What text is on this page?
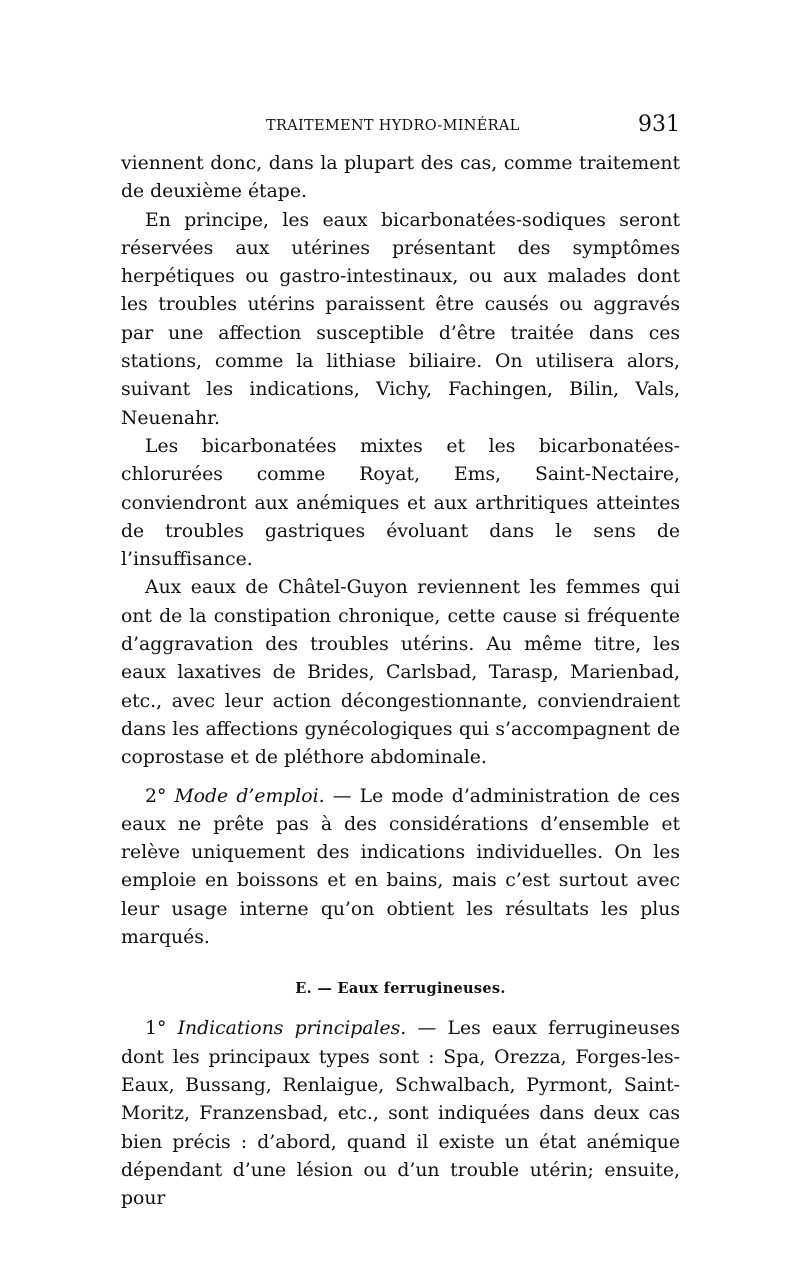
TRAITEMENT HYDRO-MINÉRAL	931

viennent donc, dans la plupart des cas, comme traitement de deuxième étape.

En principe, les eaux bicarbonatées-sodiques seront réservées aux utérines présentant des symptômes herpétiques ou gastro-intestinaux, ou aux malades dont les troubles utérins paraissent être causés ou aggravés par une affection susceptible d’être traitée dans ces stations, comme la lithiase biliaire. On utilisera alors, suivant les indications, Vichy, Fachingen, Bilin, Vals, Neuenahr.

Les bicarbonatées mixtes et les bicarbonatées-chlorurées comme Royat, Ems, Saint-Nectaire, conviendront aux anémiques et aux arthritiques atteintes de troubles gastriques évoluant dans le sens de l’insuffisance.

Aux eaux de Châtel-Guyon reviennent les femmes qui ont de la constipation chronique, cette cause si fréquente d’aggravation des troubles utérins. Au même titre, les eaux laxatives de Brides, Carlsbad, Tarasp, Marienbad, etc., avec leur action décongestionnante, conviendraient dans les affections gynécologiques qui s’accompagnent de coprostase et de pléthore abdominale.

2° Mode d’emploi. — Le mode d’administration de ces eaux ne prête pas à des considérations d’ensemble et relève uniquement des indications individuelles. On les emploie en boissons et en bains, mais c’est surtout avec leur usage interne qu’on obtient les résultats les plus marqués.

E. — Eaux ferrugineuses.

1° Indications principales. — Les eaux ferrugineuses dont les principaux types sont : Spa, Orezza, Forges-les-Eaux, Bussang, Renlaigue, Schwalbach, Pyrmont, Saint-Moritz, Franzensbad, etc., sont indiquées dans deux cas bien précis : d’abord, quand il existe un état anémique dépendant d’une lésion ou d’un trouble utérin; ensuite, pour
